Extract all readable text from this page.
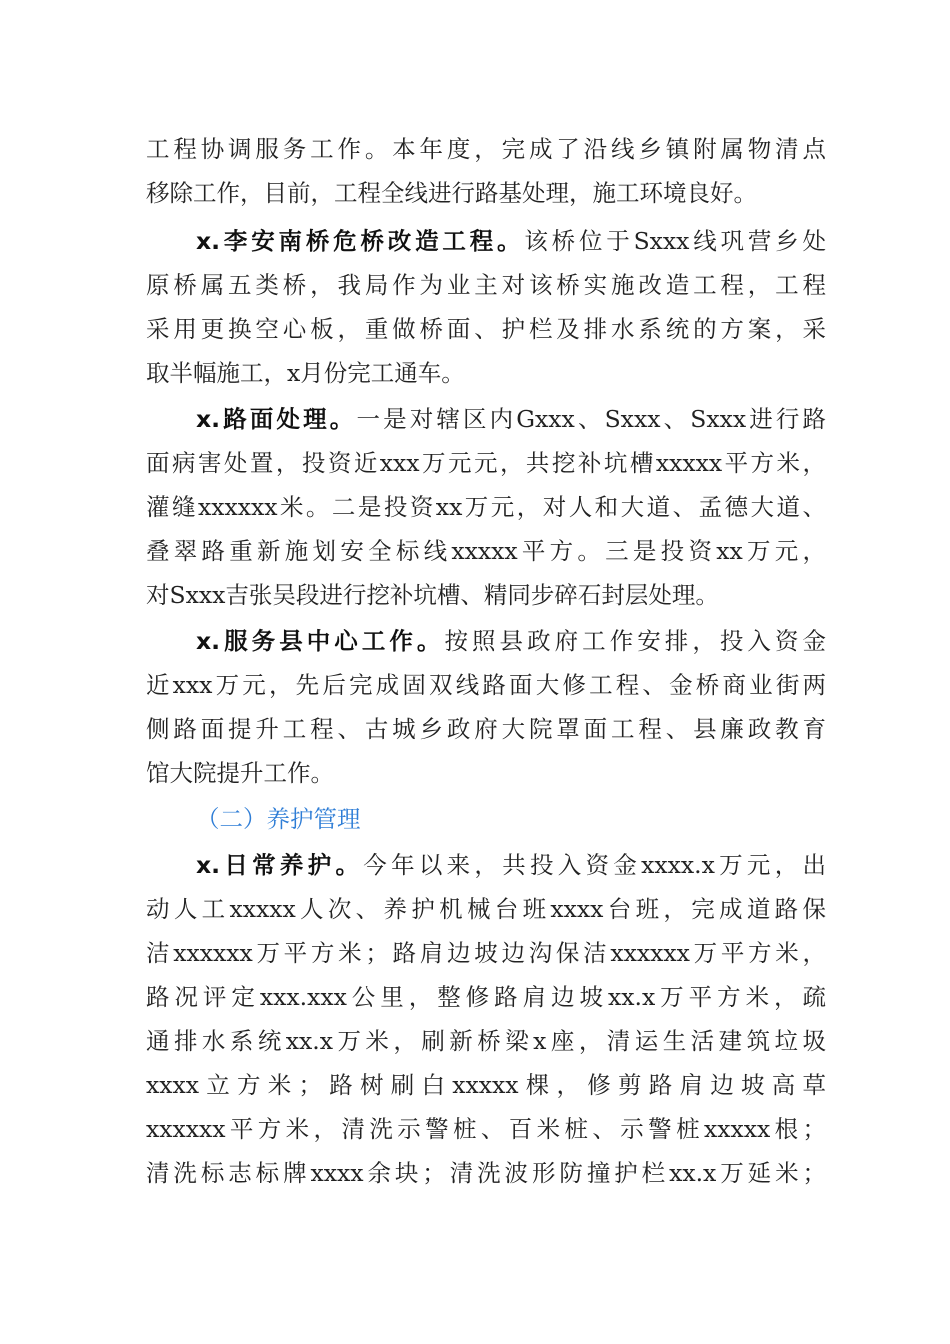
工程协调服务工作。本年度，完成了沿线乡镇附属物清点
移除工作，目前，工程全线进行路基处理，施工环境良好。
x.李安南桥危桥改造工程。该桥位于Sxxx线巩营乡处
原桥属五类桥，我局作为业主对该桥实施改造工程，工程
采用更换空心板，重做桥面、护栏及排水系统的方案，采
取半幅施工，x月份完工通车。
x.路面处理。一是对辖区内Gxxx、Sxxx、Sxxx进行路
面病害处置，投资近xxx万元元，共挖补坑槽xxxxx平方米，
灌缝xxxxxx米。二是投资xx万元，对人和大道、孟德大道、
叠翠路重新施划安全标线xxxxx平方。三是投资xx万元，
对Sxxx吉张吴段进行挖补坑槽、精同步碎石封层处理。
x.服务县中心工作。按照县政府工作安排，投入资金
近xxx万元，先后完成固双线路面大修工程、金桥商业街两
侧路面提升工程、古城乡政府大院罩面工程、县廉政教育
馆大院提升工作。
（二）养护管理
x.日常养护。今年以来，共投入资金xxxx.x万元，出
动人工xxxxx人次、养护机械台班xxxx台班，完成道路保
洁xxxxxx万平方米；路肩边坡边沟保洁xxxxxx万平方米，
路况评定xxx.xxx公里，整修路肩边坡xx.x万平方米，疏
通排水系统xx.x万米，刷新桥梁x座，清运生活建筑垃圾
xxxx立方米；路树刷白xxxxx棵，修剪路肩边坡高草
xxxxxx平方米，清洗示警桩、百米桩、示警桩xxxxx根；
清洗标志标牌xxxx余块；清洗波形防撞护栏xx.x万延米；
